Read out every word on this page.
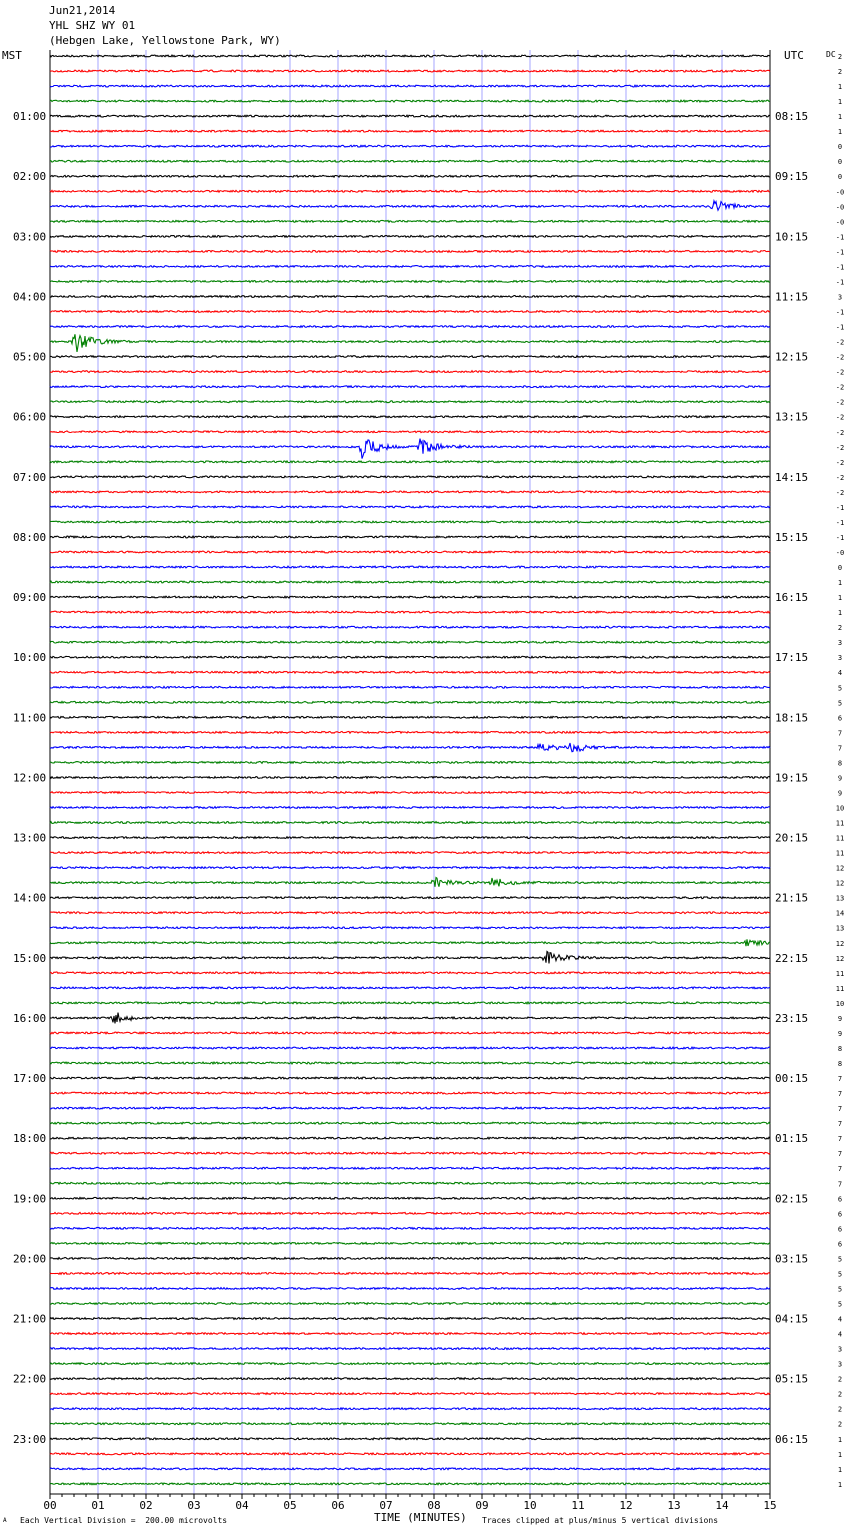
Jun21,2014
YHL SHZ WY 01
(Hebgen Lake, Yellowstone Park, WY)
MST	UTC	DC 2
2
1
1
1
1
0
0
0
-0
-0
-0
-1
-1
-1
-1
3
-1
-1
-2
-2
-2
-2
-2
-2
-2
-2
-2
-2
-2
-1
-1
-1
-0
0
1
1
1
2
3
3
4
5
5
6
7
7
8
9
9
10
11
11
11
12
12
13
14
13
12
12
11
11
10
9
9
8
8
7
7
7
7
7
7
7
7
6
6
6
6
5
5
5
5
4
4
3
3
2
2
2
2
1
1
1
1
01:00
02:00
03:00
04:00
05:00
06:00
07:00
08:00
09:00
10:00
11:00
12:00
13:00
14:00
15:00
16:00
17:00
18:00
19:00
20:00
21:00
22:00
23:00
08:15
09:15
10:15
11:15
12:15
13:15
14:15
15:15
16:15
17:15
18:15
19:15
20:15
21:15
22:15
23:15
00:15
01:15
02:15
03:15
04:15
05:15
06:15
00	01	02	03	04	05	06	07	08	09	10	11	12	13	14	15
TIME (MINUTES)
A Each Vertical Division =  200.00 microvolts	Traces clipped at plus/minus 5 vertical divisions
